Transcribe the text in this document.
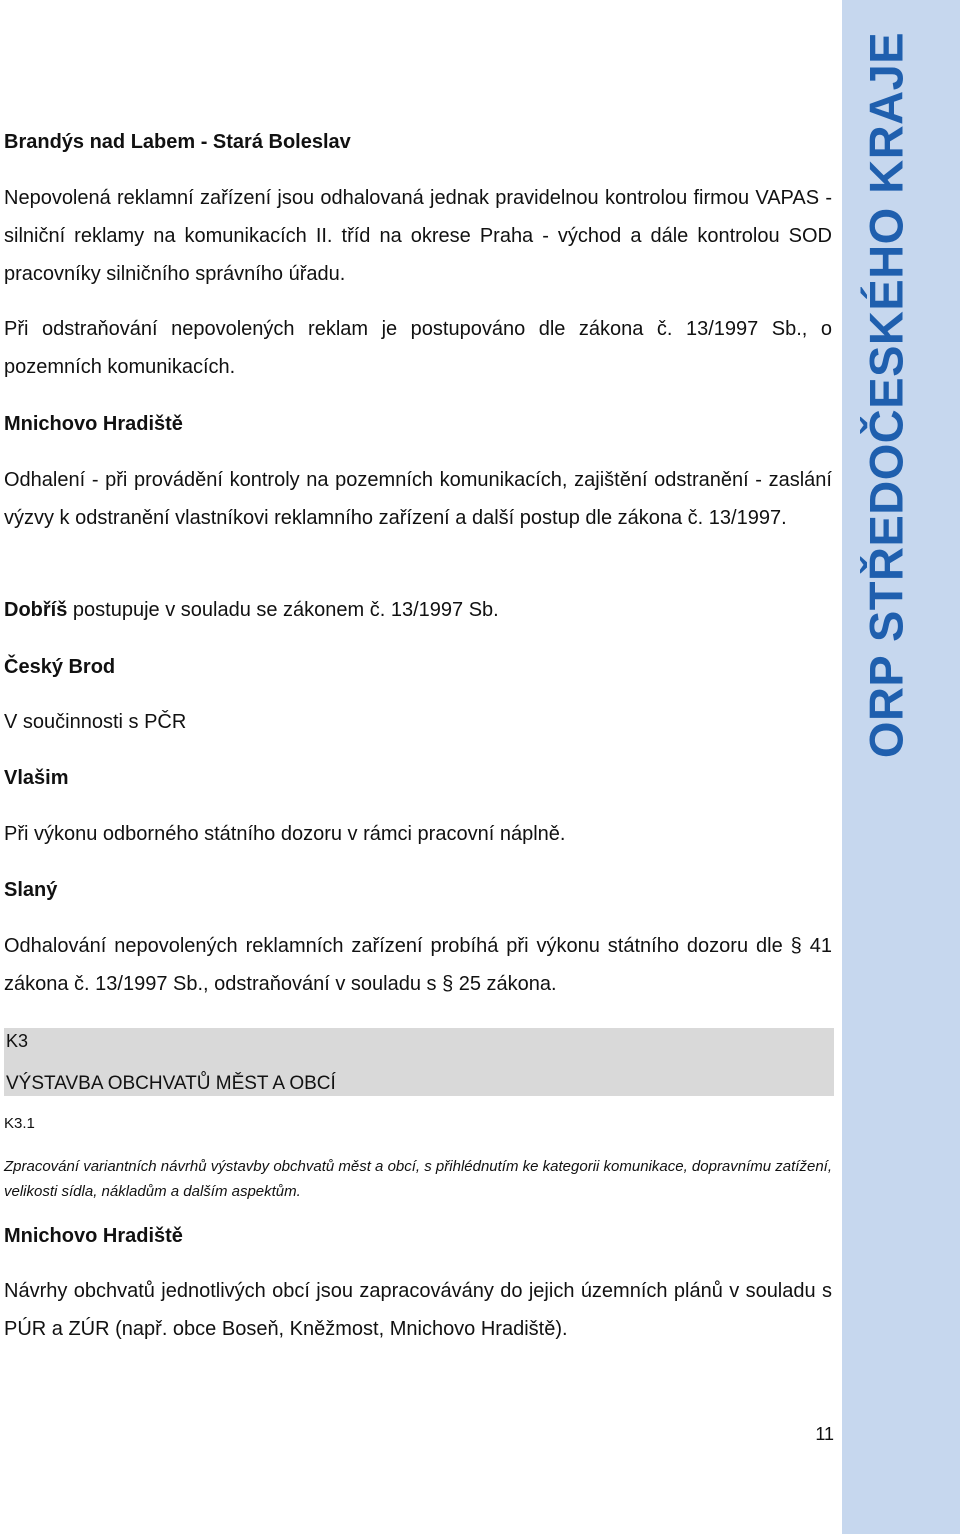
ORP STŘEDOČESKÉHO KRAJE
Brandýs nad Labem - Stará Boleslav

Nepovolená reklamní zařízení jsou odhalovaná jednak pravidelnou kontrolou firmou VAPAS - silniční reklamy na komunikacích II. tříd na okrese Praha - východ a dále kontrolou SOD pracovníky silničního správního úřadu.

Při odstraňování nepovolených reklam je postupováno dle zákona č. 13/1997 Sb., o pozemních komunikacích.

Mnichovo Hradiště

Odhalení - při provádění kontroly na pozemních komunikacích, zajištění odstranění - zaslání výzvy k odstranění vlastníkovi reklamního zařízení a další postup dle zákona č. 13/1997.

Dobříš postupuje v souladu se zákonem č. 13/1997 Sb.
Český Brod

V součinnosti s PČR

Vlašim

Při výkonu odborného státního dozoru v rámci pracovní náplně.

Slaný

Odhalování nepovolených reklamních zařízení probíhá při výkonu státního dozoru dle § 41 zákona č. 13/1997 Sb., odstraňování v souladu s § 25 zákona.

K3
VÝSTAVBA OBCHVATŮ MĚST A OBCÍ
K3.1

Zpracování variantních návrhů výstavby obchvatů měst a obcí, s přihlédnutím ke kategorii komunikace, dopravnímu zatížení, velikosti sídla, nákladům a dalším aspektům.

Mnichovo Hradiště

Návrhy obchvatů jednotlivých obcí jsou zapracovávány do jejich územních plánů v souladu s PÚR a ZÚR (např. obce Boseň, Kněžmost, Mnichovo Hradiště).

11
